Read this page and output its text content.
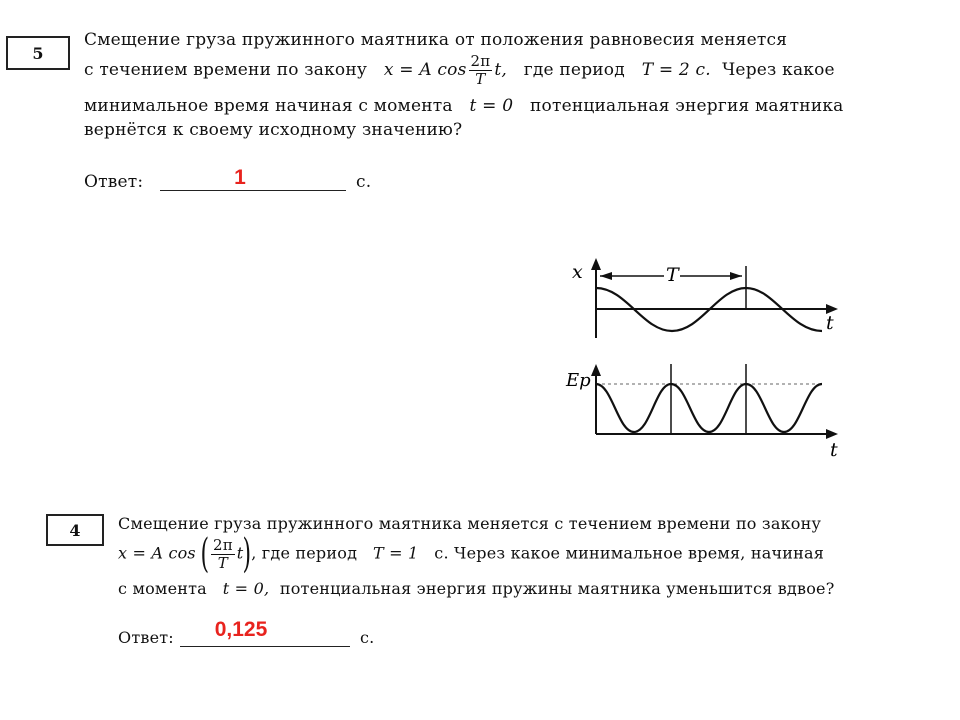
5
Смещение груза пружинного маятника от положения равновесия меняется
с течением времени по закону x = A $\cos \frac{2\pi}{T} t$, где период T = 2 с. Через какое
минимальное время начиная с момента t = 0 потенциальная энергия маятника
вернётся к своему исходному значению?
Ответ:	1	с.
T
x
t
Ep
t
4 Смещение груза пружинного маятника меняется с течением времени по закону
x = A cos ( $\frac{2\pi}{T} t$), где период T = 1 с. Через какое минимальное время, начиная
с момента t = 0, потенциальная энергия пружины маятника уменьшится вдвое?
Ответ:	0,125	с.
